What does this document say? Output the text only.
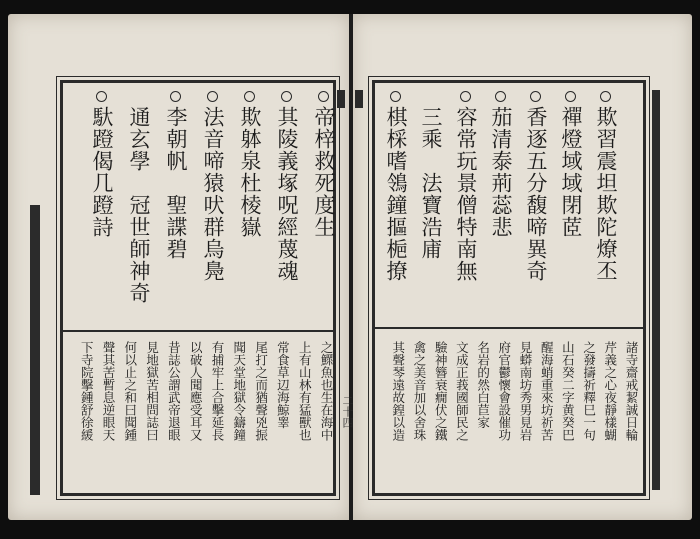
帝梓救死度生
其陵義塚呪經蔑魂
欺躰泉杜棱嶽
法音啼猿吠群烏鳧
李朝帆　聖諜碧
通玄學　冠世師神奇
馱蹬偈几蹬詩
之鰥魚也生在海中
上有山林有猛獸也
常食草辺海鯨睾
尾打之而猶聲兇振
聞天堂地獄令鑄鐘
有捕牢上合擊延長
以破人聞應受耳又
昔誌公謂武帝退眼
見地獄苦相問誌曰
何以止之和曰聞鍾
聲其苦暫息逆眼天
下寺院擊鍾舒徐緩
欺習震坦欺陀燎丕
禪燈域域閉茝
香逐五分馥啼異奇
茄清泰荊蕊悲
容常玩景僧特南無
三乘　法寶浩庯
棋棌嗜鴒鐘摳梔撩
諸寺齋戒絜誠日輪
芹義之心夜靜樣蝴
之發擣祈釋巳一句
山石癸二字黄癸巴
醒海蛸重來坊祈苦
見蟒南坊秀男見岩
府官鬱懷會設催功
名岩的然白苣家
文成正莪國師民之
驗神簪衰癇伏之鐵
禽之美音加以舍珠
其聲琴遠故鍠以造
二十四
